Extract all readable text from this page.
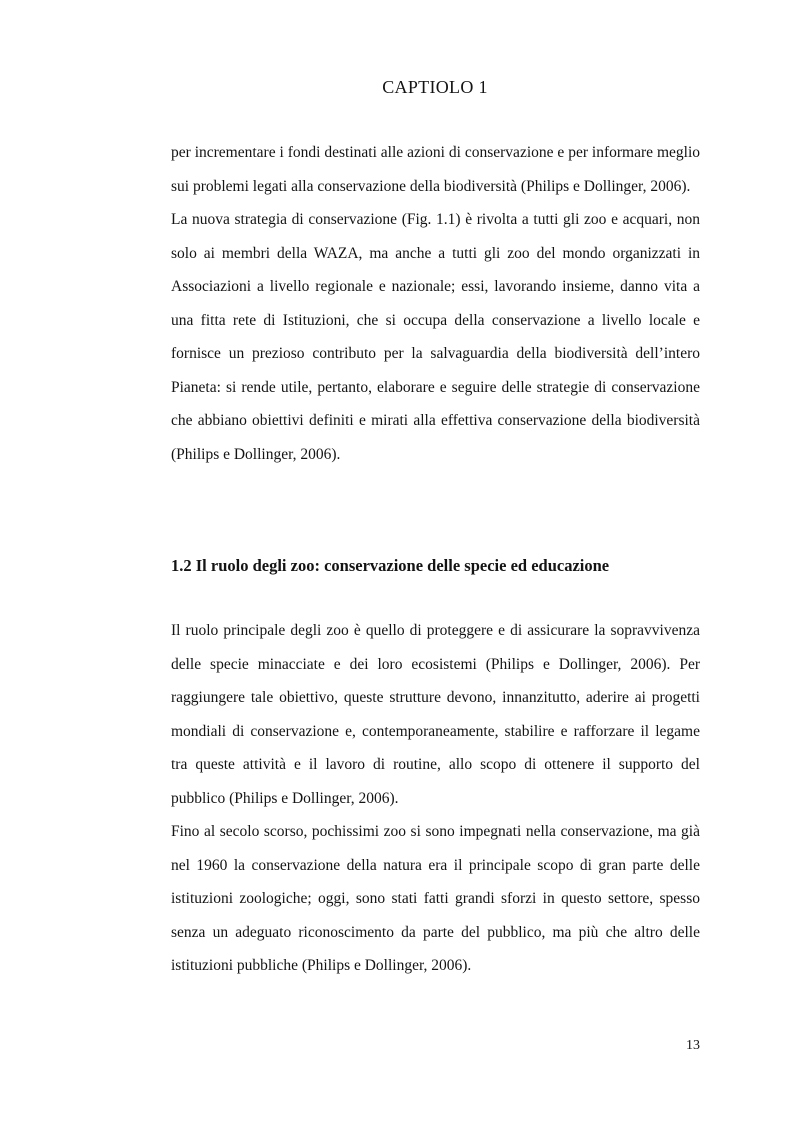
CAPTIOLO 1

per incrementare i fondi destinati alle azioni di conservazione e per informare meglio sui problemi legati alla conservazione della biodiversità (Philips e Dollinger, 2006).

La nuova strategia di conservazione (Fig. 1.1) è rivolta a tutti gli zoo e acquari, non solo ai membri della WAZA, ma anche a tutti gli zoo del mondo organizzati in Associazioni a livello regionale e nazionale; essi, lavorando insieme, danno vita a una fitta rete di Istituzioni, che si occupa della conservazione a livello locale e fornisce un prezioso contributo per la salvaguardia della biodiversità dell’intero Pianeta: si rende utile, pertanto, elaborare e seguire delle strategie di conservazione che abbiano obiettivi definiti e mirati alla effettiva conservazione della biodiversità (Philips e Dollinger, 2006).

1.2 Il ruolo degli zoo: conservazione delle specie ed educazione

Il ruolo principale degli zoo è quello di proteggere e di assicurare la sopravvivenza delle specie minacciate e dei loro ecosistemi (Philips e Dollinger, 2006). Per raggiungere tale obiettivo, queste strutture devono, innanzitutto, aderire ai progetti mondiali di conservazione e, contemporaneamente, stabilire e rafforzare il legame tra queste attività e il lavoro di routine, allo scopo di ottenere il supporto del pubblico (Philips e Dollinger, 2006).

Fino al secolo scorso, pochissimi zoo si sono impegnati nella conservazione, ma già nel 1960 la conservazione della natura era il principale scopo di gran parte delle istituzioni zoologiche; oggi, sono stati fatti grandi sforzi in questo settore, spesso senza un adeguato riconoscimento da parte del pubblico, ma più che altro delle istituzioni pubbliche (Philips e Dollinger, 2006).

13
